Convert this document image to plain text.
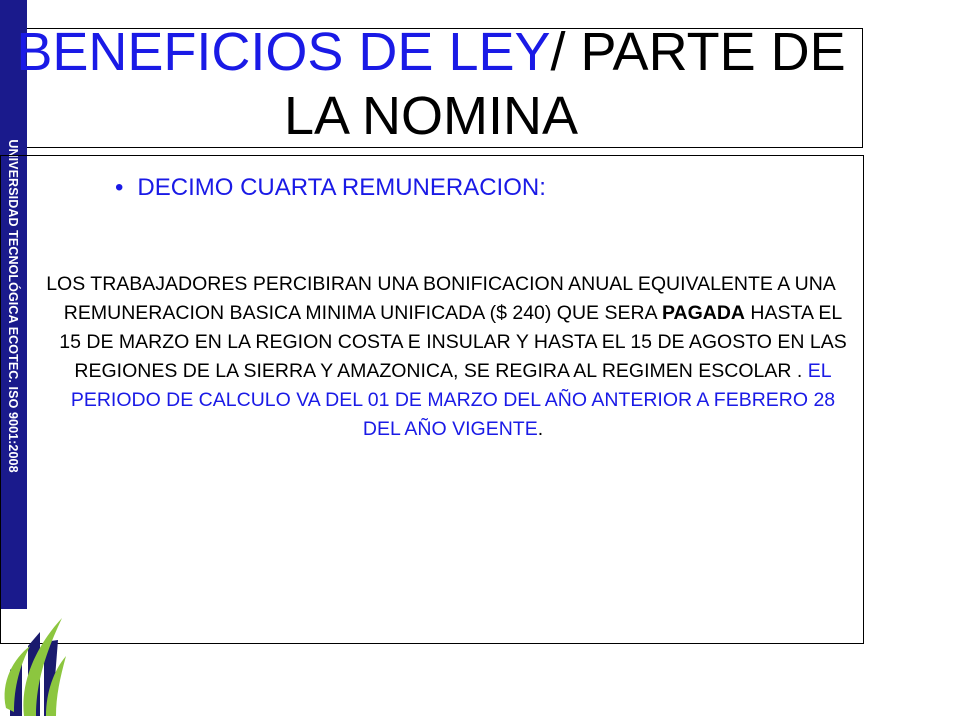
UNIVERSIDAD TECNOLÓGICA ECOTEC. ISO 9001:2008
BENEFICIOS DE LEY/ PARTE DE LA NOMINA
• DECIMO CUARTA REMUNERACION:

LOS TRABAJADORES PERCIBIRAN UNA BONIFICACION ANUAL EQUIVALENTE A UNA REMUNERACION BASICA MINIMA UNIFICADA ($ 240) QUE SERA PAGADA HASTA EL 15 DE MARZO EN LA REGION COSTA E INSULAR Y HASTA EL 15 DE AGOSTO EN LAS REGIONES DE LA SIERRA Y AMAZONICA, SE REGIRA AL REGIMEN ESCOLAR . EL PERIODO DE CALCULO VA DEL 01 DE MARZO DEL AÑO ANTERIOR A FEBRERO 28 DEL AÑO VIGENTE.
